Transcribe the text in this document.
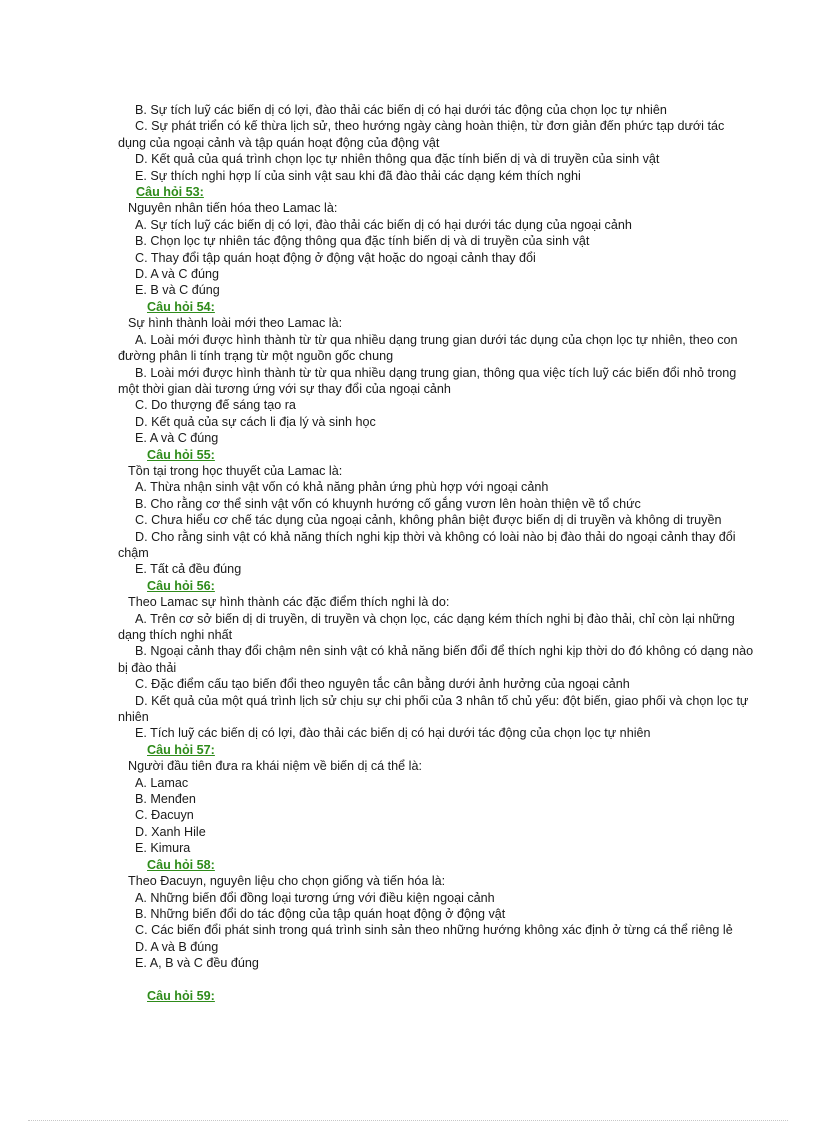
B. Sự tích luỹ các biến dị có lợi, đào thải các biến dị có hại dưới tác động của chọn lọc tự nhiên
C. Sự phát triển có kế thừa lịch sử, theo hướng ngày càng hoàn thiện, từ đơn giản đến phức tạp dưới tác
dụng của ngoại cảnh và tập quán hoạt động của động vật
D. Kết quả của quá trình chọn lọc tự nhiên thông qua đặc tính biến dị và di truyền của sinh vật
E. Sự thích nghi hợp lí của sinh vật sau khi đã đào thải các dạng kém thích nghi
Câu hỏi 53:
Nguyên nhân tiến hóa theo Lamac là:
A. Sự tích luỹ các biến dị có lợi, đào thải các biến dị có hại dưới tác dụng của ngoại cảnh
B. Chọn lọc tự nhiên tác động thông qua đặc tính biến dị và di truyền của sinh vật
C. Thay đổi tập quán hoạt động ở động vật hoặc do ngoại cảnh thay đổi
D. A và C đúng
E. B và C đúng
Câu hỏi 54:
Sự hình thành loài mới theo Lamac là:
A. Loài mới được hình thành từ từ qua nhiều dạng trung gian dưới tác dụng của chọn lọc tự nhiên, theo con
đường phân li tính trạng từ một nguồn gốc chung
B. Loài mới được hình thành từ từ qua nhiều dạng trung gian, thông qua việc tích luỹ các biến đổi nhỏ trong
một thời gian dài tương ứng với sự thay đổi của ngoại cảnh
C. Do thượng đế sáng tạo ra
D. Kết quả của sự cách li địa lý và sinh học
E. A và C đúng
Câu hỏi 55:
Tồn tại trong học thuyết của Lamac là:
A. Thừa nhận sinh vật vốn có khả năng phản ứng phù hợp với ngoại cảnh
B. Cho rằng cơ thể sinh vật vốn có khuynh hướng cố gắng vươn lên hoàn thiện về tổ chức
C. Chưa hiểu cơ chế tác dụng của ngoại cảnh, không phân biệt được biến dị di truyền và không di truyền
D. Cho rằng sinh vật có khả năng thích nghi kịp thời và không có loài nào bị đào thải do ngoại cảnh thay đổi
chậm
E. Tất cả đều đúng
Câu hỏi 56:
Theo Lamac sự hình thành các đặc điểm thích nghi là do:
A. Trên cơ sở biến dị di truyền, di truyền và chọn lọc, các dạng kém thích nghi bị đào thải, chỉ còn lại những
dạng thích nghi nhất
B. Ngoại cảnh thay đổi chậm nên sinh vật có khả năng biến đổi để thích nghi kịp thời do đó không có dạng nào
bị đào thải
C. Đặc điểm cấu tạo biến đổi theo nguyên tắc cân bằng dưới ảnh hưởng của ngoại cảnh
D. Kết quả của một quá trình lịch sử chịu sự chi phối của 3 nhân tố chủ yếu: đột biến, giao phối và chọn lọc tự
nhiên
E. Tích luỹ các biến dị có lợi, đào thải các biến dị có hại dưới tác động của chọn lọc tự nhiên
Câu hỏi 57:
Người đầu tiên đưa ra khái niệm về biến dị cá thể là:
A. Lamac
B. Menđen
C. Đacuyn
D. Xanh Hile
E. Kimura
Câu hỏi 58:
Theo Đacuyn, nguyên liệu cho chọn giống và tiến hóa là:
A. Những biến đổi đồng loại tương ứng với điều kiện ngoại cảnh
B. Những biến đổi do tác động của tập quán hoạt động ở động vật
C. Các biến đổi phát sinh trong quá trình sinh sản theo những hướng không xác định ở từng cá thể riêng lẻ
D. A và B đúng
E. A, B và C đều đúng
Câu hỏi 59:
